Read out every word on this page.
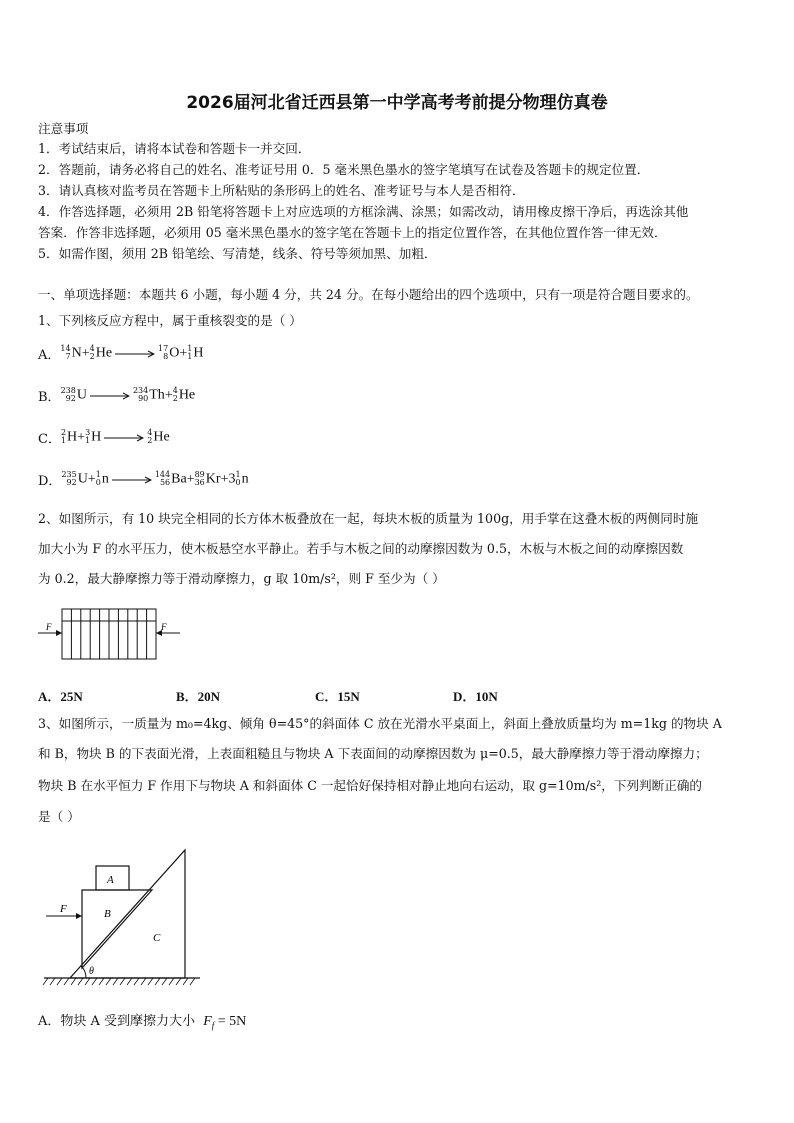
2026届河北省迁西县第一中学高考考前提分物理仿真卷
注意事项
1．考试结束后，请将本试卷和答题卡一并交回．
2．答题前，请务必将自己的姓名、准考证号用 0．5 毫米黑色墨水的签字笔填写在试卷及答题卡的规定位置．
3．请认真核对监考员在答题卡上所粘贴的条形码上的姓名、准考证号与本人是否相符．
4．作答选择题，必须用 2B 铅笔将答题卡上对应选项的方框涂满、涂黑；如需改动，请用橡皮擦干净后，再选涂其他
答案．作答非选择题，必须用 05 毫米黑色墨水的签字笔在答题卡上的指定位置作答，在其他位置作答一律无效．
5．如需作图，须用 2B 铅笔绘、写清楚，线条、符号等须加黑、加粗．
一、单项选择题：本题共 6 小题，每小题 4 分，共 24 分。在每小题给出的四个选项中，只有一项是符合题目要求的。
1、下列核反应方程中，属于重核裂变的是（ ）
A． 14
7 N+ 4
2 He → 17
8 O+ 1
1 H
B． 238
92 U → 234
90 Th+ 4
2 He
C． 2
1 H+ 3
1 H → 4
2 He
D． 235
92 U+ 1
0 n → 144
56 Ba+ 89
36 Kr+3 1
0 n
2、如图所示，有 10 块完全相同的长方体木板叠放在一起，每块木板的质量为 100g，用手掌在这叠木板的两侧同时施
加大小为 F 的水平压力，使木板悬空水平静止。若手与木板之间的动摩擦因数为 0.5，木板与木板之间的动摩擦因数
为 0.2，最大静摩擦力等于滑动摩擦力，g 取 10m/s²，则 F 至少为（ ）
F	F
A．25N	B．20N	C．15N	D．10N
3、如图所示，一质量为 m₀=4kg、倾角 θ=45°的斜面体 C 放在光滑水平桌面上，斜面上叠放质量均为 m=1kg 的物块 A
和 B，物块 B 的下表面光滑，上表面粗糙且与物块 A 下表面间的动摩擦因数为 μ=0.5，最大静摩擦力等于滑动摩擦力；
物块 B 在水平恒力 F 作用下与物块 A 和斜面体 C 一起恰好保持相对静止地向右运动，取 g=10m/s²，下列判断正确的
是（ ）
θ
F
A
B
C
A．物块 A 受到摩擦力大小 $F_f = 5N$
